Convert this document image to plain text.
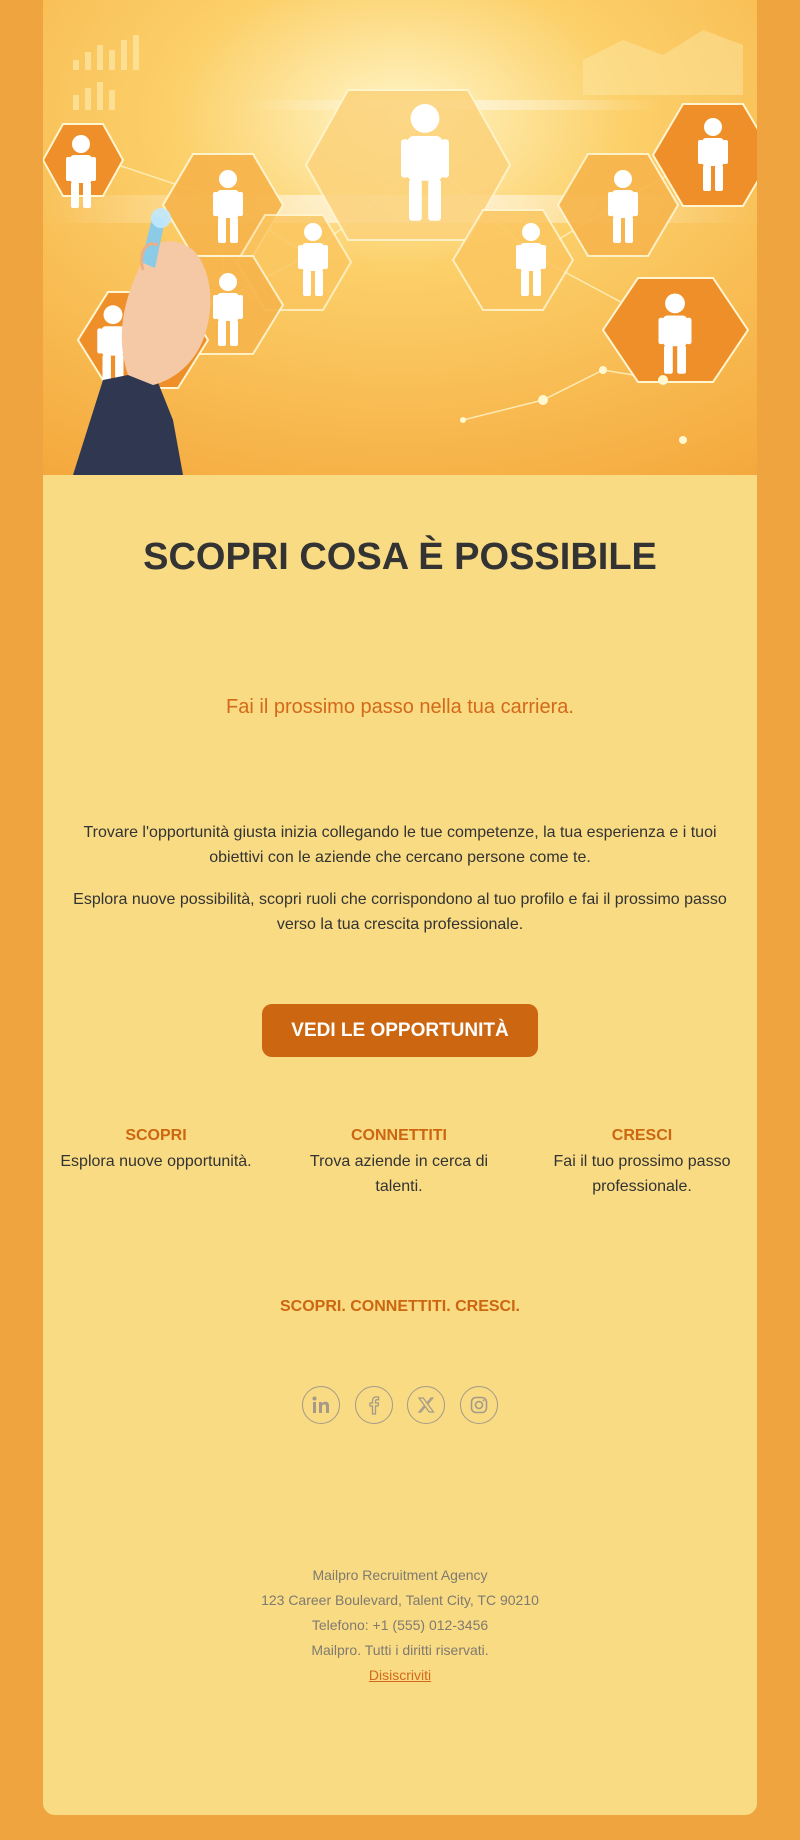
SCOPRI COSA È POSSIBILE

Fai il prossimo passo nella tua carriera.

Trovare l'opportunità giusta inizia collegando le tue competenze, la tua esperienza e i tuoi obiettivi con le aziende che cercano persone come te.

Esplora nuove possibilità, scopri ruoli che corrispondono al tuo profilo e fai il prossimo passo verso la tua crescita professionale.

VEDI LE OPPORTUNITÀ
SCOPRI
Esplora nuove opportunità.
CONNETTITI
Trova aziende in cerca di talenti.
CRESCI
Fai il tuo prossimo passo professionale.

SCOPRI. CONNETTITI. CRESCI.

Mailpro Recruitment Agency
123 Career Boulevard, Talent City, TC 90210
Telefono: +1 (555) 012-3456
Mailpro. Tutti i diritti riservati.
Disiscriviti
